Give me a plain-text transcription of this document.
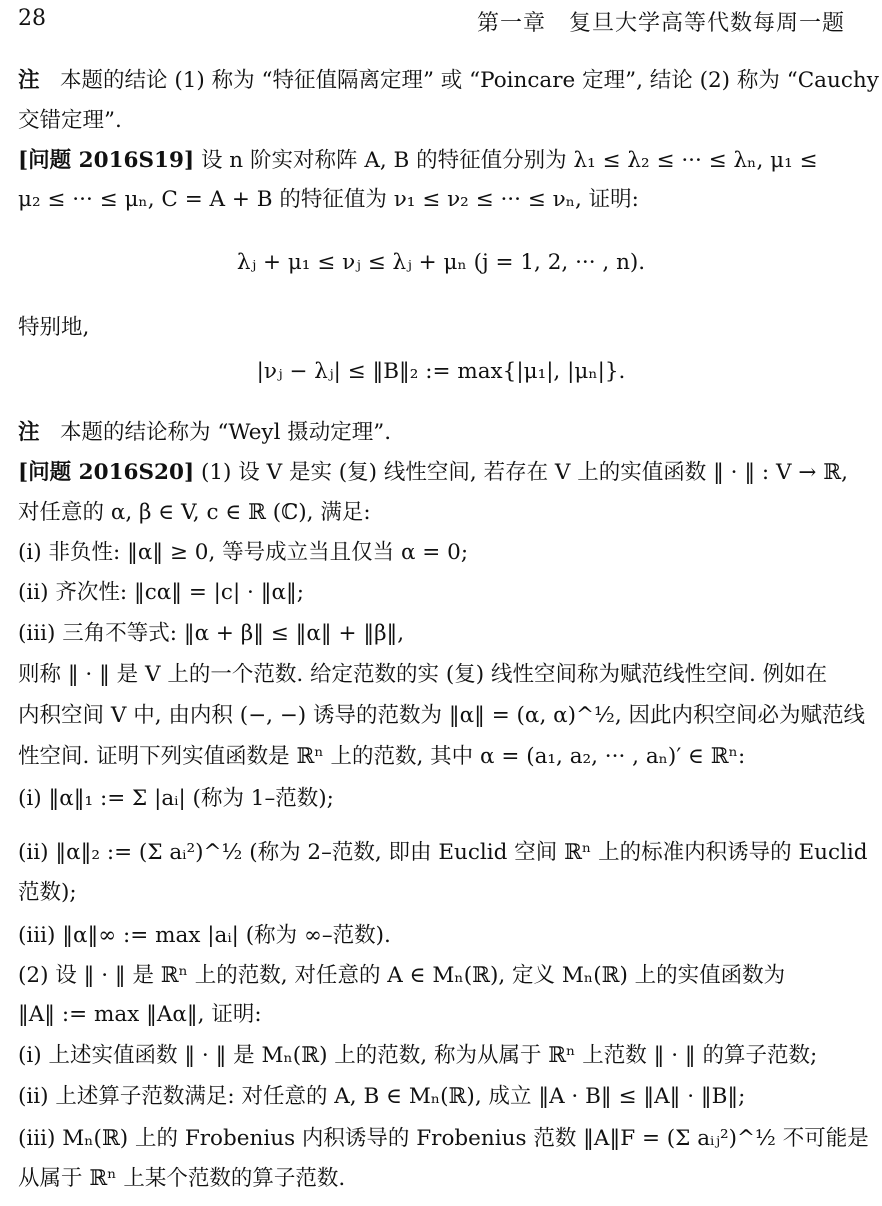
28	第一章　复旦大学高等代数每周一题
注 本题的结论 (1) 称为 “特征值隔离定理” 或 “Poincare 定理”, 结论 (2) 称为 “Cauchy
交错定理”.
[问题 2016S19] 设 n 阶实对称阵 A, B 的特征值分别为 λ₁ ≤ λ₂ ≤ ··· ≤ λₙ, μ₁ ≤
μ₂ ≤ ··· ≤ μₙ, C = A + B 的特征值为 ν₁ ≤ ν₂ ≤ ··· ≤ νₙ, 证明:
λⱼ + μ₁ ≤ νⱼ ≤ λⱼ + μₙ (j = 1, 2, ··· , n).
特别地,
|νⱼ − λⱼ| ≤ ‖B‖₂ := max{|μ₁|, |μₙ|}.
注 本题的结论称为 “Weyl 摄动定理”.
[问题 2016S20] (1) 设 V 是实 (复) 线性空间, 若存在 V 上的实值函数 ‖ · ‖ : V → ℝ,
对任意的 α, β ∈ V, c ∈ ℝ (ℂ), 满足:
(i) 非负性: ‖α‖ ≥ 0, 等号成立当且仅当 α = 0;
(ii) 齐次性: ‖cα‖ = |c| · ‖α‖;
(iii) 三角不等式: ‖α + β‖ ≤ ‖α‖ + ‖β‖,
则称 ‖ · ‖ 是 V 上的一个范数. 给定范数的实 (复) 线性空间称为赋范线性空间. 例如在
内积空间 V 中, 由内积 (−, −) 诱导的范数为 ‖α‖ = (α, α)^½, 因此内积空间必为赋范线
性空间. 证明下列实值函数是 ℝⁿ 上的范数, 其中 α = (a₁, a₂, ··· , aₙ)′ ∈ ℝⁿ:
(i) ‖α‖₁ := Σ |aᵢ| (称为 1–范数);
(ii) ‖α‖₂ := (Σ aᵢ²)^½ (称为 2–范数, 即由 Euclid 空间 ℝⁿ 上的标准内积诱导的 Euclid
范数);
(iii) ‖α‖∞ := max |aᵢ| (称为 ∞–范数).
(2) 设 ‖ · ‖ 是 ℝⁿ 上的范数, 对任意的 A ∈ Mₙ(ℝ), 定义 Mₙ(ℝ) 上的实值函数为
‖A‖ := max ‖Aα‖, 证明:
(i) 上述实值函数 ‖ · ‖ 是 Mₙ(ℝ) 上的范数, 称为从属于 ℝⁿ 上范数 ‖ · ‖ 的算子范数;
(ii) 上述算子范数满足: 对任意的 A, B ∈ Mₙ(ℝ), 成立 ‖A · B‖ ≤ ‖A‖ · ‖B‖;
(iii) Mₙ(ℝ) 上的 Frobenius 内积诱导的 Frobenius 范数 ‖A‖F = (Σ aᵢⱼ²)^½ 不可能是
从属于 ℝⁿ 上某个范数的算子范数.
